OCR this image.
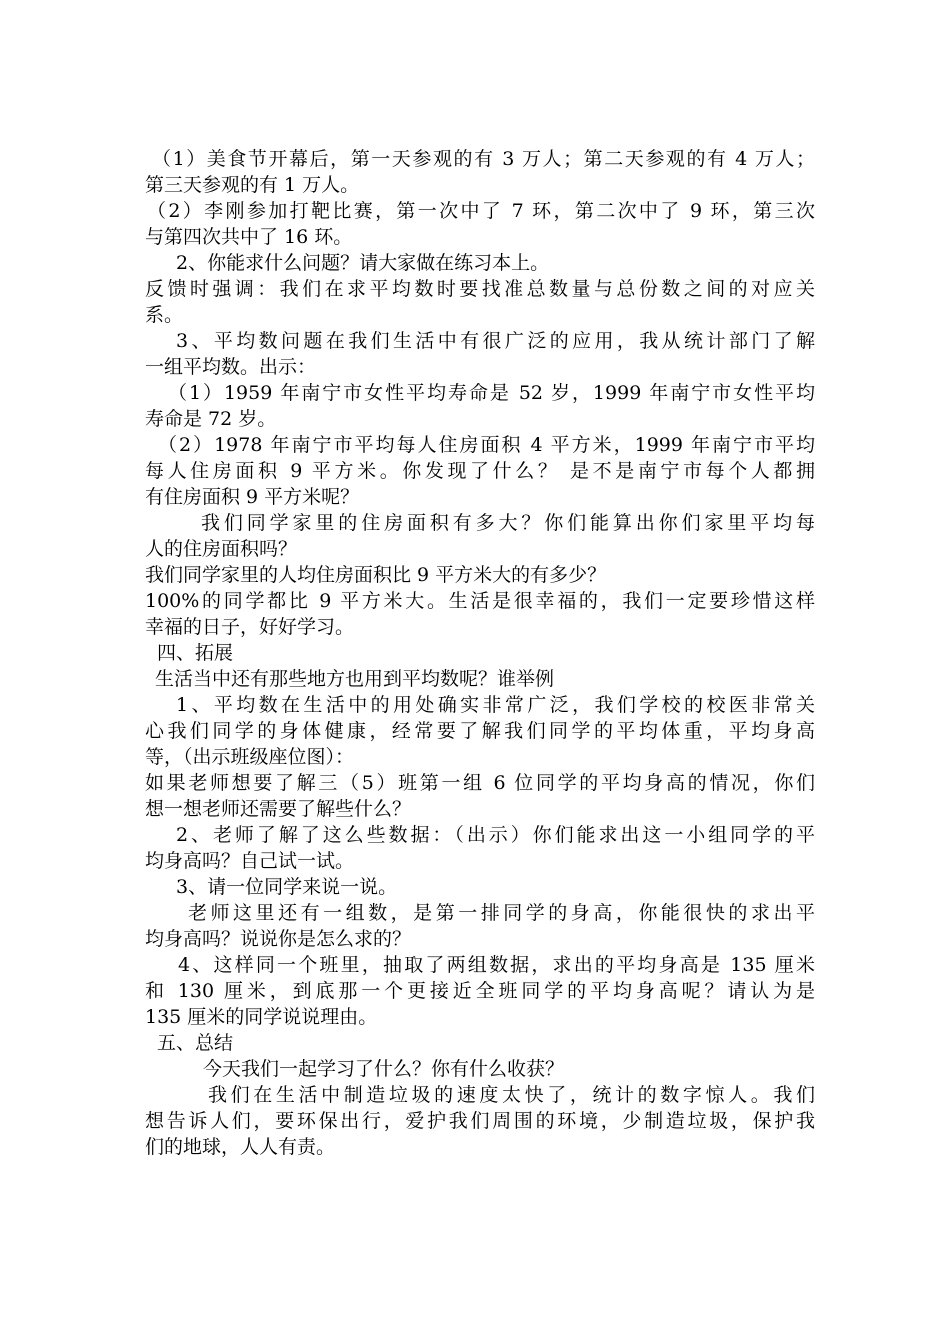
（1）美食节开幕后，第一天参观的有 3 万人；第二天参观的有 4 万人；
第三天参观的有 1 万人。
（2）李刚参加打靶比赛，第一次中了 7 环，第二次中了 9 环，第三次
与第四次共中了 16 环。
2、你能求什么问题？请大家做在练习本上。
反馈时强调：我们在求平均数时要找准总数量与总份数之间的对应关
系。
3、平均数问题在我们生活中有很广泛的应用，我从统计部门了解
一组平均数。出示：
（1）1959 年南宁市女性平均寿命是 52 岁，1999 年南宁市女性平均
寿命是 72 岁。
（2）1978 年南宁市平均每人住房面积 4 平方米，1999 年南宁市平均
每人住房面积 9 平方米。你发现了什么？ 是不是南宁市每个人都拥
有住房面积 9 平方米呢？
我们同学家里的住房面积有多大？你们能算出你们家里平均每
人的住房面积吗？
我们同学家里的人均住房面积比 9 平方米大的有多少？
100%的同学都比 9 平方米大。生活是很幸福的，我们一定要珍惜这样
幸福的日子，好好学习。
四、拓展
生活当中还有那些地方也用到平均数呢？谁举例
1、平均数在生活中的用处确实非常广泛，我们学校的校医非常关
心我们同学的身体健康，经常要了解我们同学的平均体重，平均身高
等，（出示班级座位图）：
如果老师想要了解三（5）班第一组 6 位同学的平均身高的情况，你们
想一想老师还需要了解些什么？
2、老师了解了这么些数据：（出示）你们能求出这一小组同学的平
均身高吗？自己试一试。
3、请一位同学来说一说。
老师这里还有一组数，是第一排同学的身高，你能很快的求出平
均身高吗？说说你是怎么求的？
4、这样同一个班里，抽取了两组数据，求出的平均身高是 135 厘米
和 130 厘米，到底那一个更接近全班同学的平均身高呢？请认为是
135 厘米的同学说说理由。
五、总结
今天我们一起学习了什么？你有什么收获？
我们在生活中制造垃圾的速度太快了，统计的数字惊人。我们
想告诉人们，要环保出行，爱护我们周围的环境，少制造垃圾，保护我
们的地球，人人有责。
